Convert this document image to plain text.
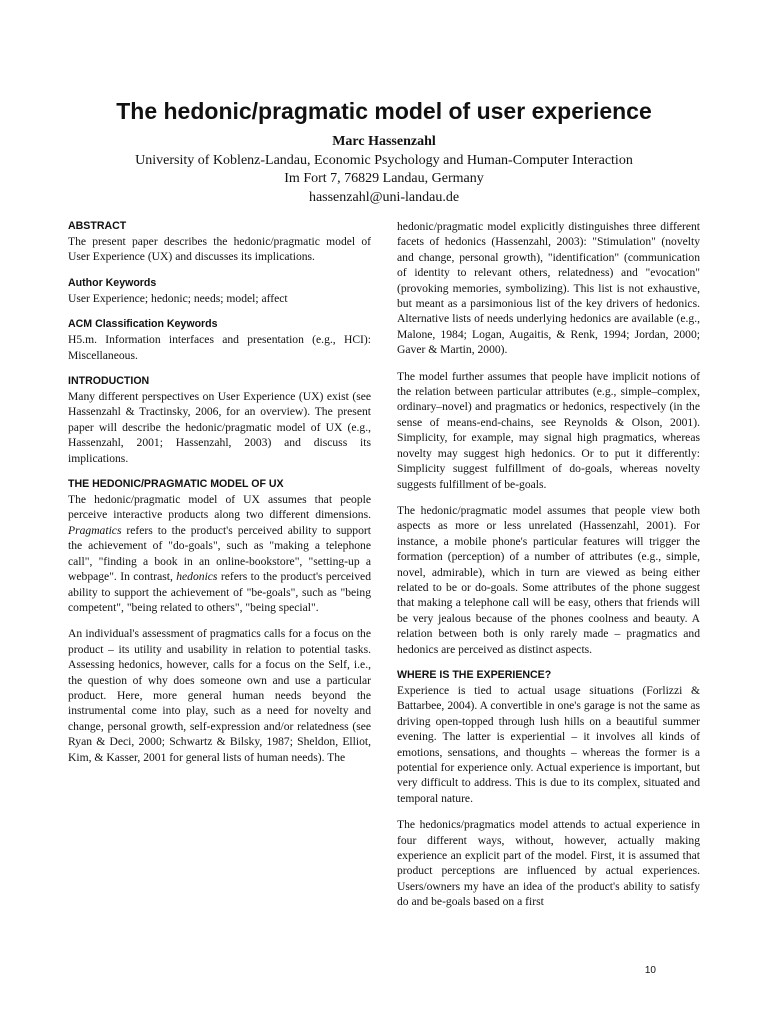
The hedonic/pragmatic model of user experience
Marc Hassenzahl
University of Koblenz-Landau, Economic Psychology and Human-Computer Interaction
Im Fort 7, 76829 Landau, Germany
hassenzahl@uni-landau.de
ABSTRACT
The present paper describes the hedonic/pragmatic model of User Experience (UX) and discusses its implications.
Author Keywords
User Experience; hedonic; needs; model; affect
ACM Classification Keywords
H5.m. Information interfaces and presentation (e.g., HCI): Miscellaneous.
INTRODUCTION
Many different perspectives on User Experience (UX) exist (see Hassenzahl & Tractinsky, 2006, for an overview). The present paper will describe the hedonic/pragmatic model of UX (e.g., Hassenzahl, 2001; Hassenzahl, 2003) and discuss its implications.
THE HEDONIC/PRAGMATIC MODEL OF UX

The hedonic/pragmatic model of UX assumes that people perceive interactive products along two different dimensions. Pragmatics refers to the product's perceived ability to support the achievement of "do-goals", such as "making a telephone call", "finding a book in an online-bookstore", "setting-up a webpage". In contrast, hedonics refers to the product's perceived ability to support the achievement of "be-goals", such as "being competent", "being related to others", "being special".

An individual's assessment of pragmatics calls for a focus on the product – its utility and usability in relation to potential tasks. Assessing hedonics, however, calls for a focus on the Self, i.e., the question of why does someone own and use a particular product. Here, more general human needs beyond the instrumental come into play, such as a need for novelty and change, personal growth, self-expression and/or relatedness (see Ryan & Deci, 2000; Schwartz & Bilsky, 1987; Sheldon, Elliot, Kim, & Kasser, 2001 for general lists of human needs). The

hedonic/pragmatic model explicitly distinguishes three different facets of hedonics (Hassenzahl, 2003): "Stimulation" (novelty and change, personal growth), "identification" (communication of identity to relevant others, relatedness) and "evocation" (provoking memories, symbolizing). This list is not exhaustive, but meant as a parsimonious list of the key drivers of hedonics. Alternative lists of needs underlying hedonics are available (e.g., Malone, 1984; Logan, Augaitis, & Renk, 1994; Jordan, 2000; Gaver & Martin, 2000).

The model further assumes that people have implicit notions of the relation between particular attributes (e.g., simple–complex, ordinary–novel) and pragmatics or hedonics, respectively (in the sense of means-end-chains, see Reynolds & Olson, 2001). Simplicity, for example, may signal high pragmatics, whereas novelty may suggest high hedonics. Or to put it differently: Simplicity suggest fulfillment of do-goals, whereas novelty suggests fulfillment of be-goals.

The hedonic/pragmatic model assumes that people view both aspects as more or less unrelated (Hassenzahl, 2001). For instance, a mobile phone's particular features will trigger the formation (perception) of a number of attributes (e.g., simple, novel, admirable), which in turn are viewed as being either related to be or do-goals. Some attributes of the phone suggest that making a telephone call will be easy, others that friends will be very jealous because of the phones coolness and beauty. A relation between both is only rarely made – pragmatics and hedonics are perceived as distinct aspects.

WHERE IS THE EXPERIENCE?

Experience is tied to actual usage situations (Forlizzi & Battarbee, 2004). A convertible in one's garage is not the same as driving open-topped through lush hills on a beautiful summer evening. The latter is experiential – it involves all kinds of emotions, sensations, and thoughts – whereas the former is a potential for experience only. Actual experience is important, but very difficult to address. This is due to its complex, situated and temporal nature.

The hedonics/pragmatics model attends to actual experience in four different ways, without, however, actually making experience an explicit part of the model. First, it is assumed that product perceptions are influenced by actual experiences. Users/owners my have an idea of the product's ability to satisfy do and be-goals based on a first

10
